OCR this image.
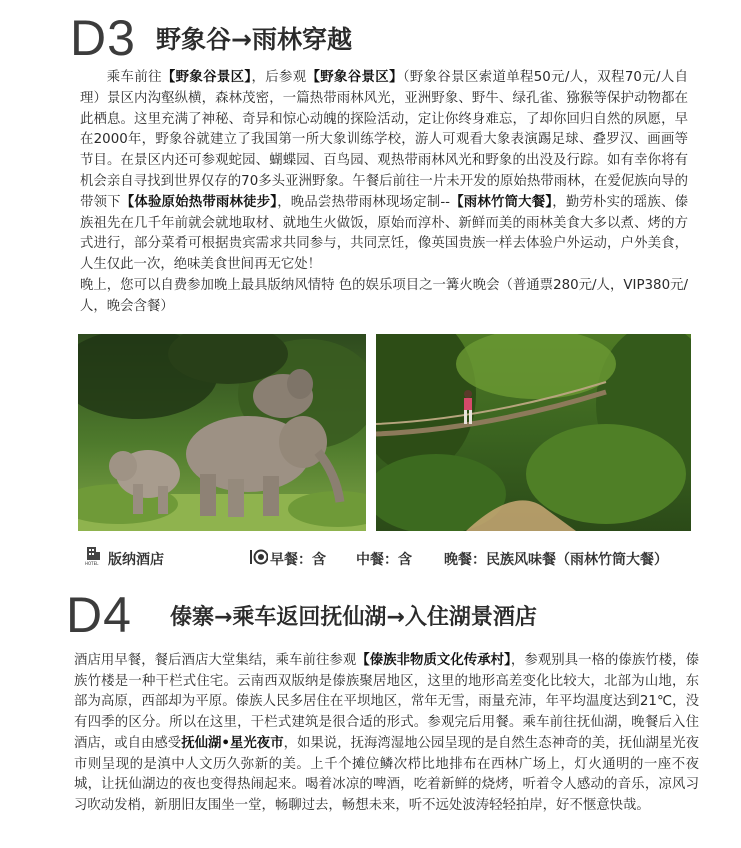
D3 野象谷→雨林穿越
乘车前往【野象谷景区】，后参观【野象谷景区】（野象谷景区索道单程50元/人，双程70元/人自理）景区内沟壑纵横，森林茂密，一篇热带雨林风光，亚洲野象、野牛、绿孔雀、猕猴等保护动物都在此栖息。这里充满了神秘、奇异和惊心动魄的探险活动，定让你终身难忘，了却你回归自然的夙愿，早在2000年，野象谷就建立了我国第一所大象训练学校，游人可观看大象表演踢足球、叠罗汉、画画等节目。在景区内还可参观蛇园、蝴蝶园、百鸟园、观热带雨林风光和野象的出没及行踪。如有幸你将有机会亲自寻找到世界仅存的70多头亚洲野象。午餐后前往一片未开发的原始热带雨林，在爱伲族向导的带领下【体验原始热带雨林徒步】，晚品尝热带雨林现场定制--【雨林竹筒大餐】，勤劳朴实的瑶族、傣族祖先在几千年前就会就地取材、就地生火做饭，原始而淳朴、新鲜而美的雨林美食大多以煮、烤的方式进行，部分菜肴可根据贵宾需求共同参与，共同烹饪，像英国贵族一样去体验户外运动，户外美食，人生仅此一次，绝味美食世间再无它处！
晚上，您可以自费参加晚上最具版纳风情特 色的娱乐项目之一篝火晚会（普通票280元/人，VIP380元/人，晚会含餐）
HOTEL 版纳酒店	早餐：含 中餐：含 晚餐：民族风味餐（雨林竹筒大餐）
D4 傣寨→乘车返回抚仙湖→入住湖景酒店
酒店用早餐，餐后酒店大堂集结，乘车前往参观【傣族非物质文化传承村】，参观别具一格的傣族竹楼，傣族竹楼是一种干栏式住宅。云南西双版纳是傣族聚居地区，这里的地形高差变化比较大，北部为山地，东部为高原，西部却为平原。傣族人民多居住在平坝地区，常年无雪，雨量充沛，年平均温度达到21℃，没有四季的区分。所以在这里，干栏式建筑是很合适的形式。参观完后用餐。乘车前往抚仙湖，晚餐后入住酒店，或自由感受抚仙湖•星光夜市，如果说，抚海湾湿地公园呈现的是自然生态神奇的美，抚仙湖星光夜市则呈现的是滇中人文历久弥新的美。上千个摊位鳞次栉比地排布在西林广场上，灯火通明的一座不夜城，让抚仙湖边的夜也变得热闹起来。喝着冰凉的啤酒，吃着新鲜的烧烤，听着令人感动的音乐，凉风习习吹动发梢，新朋旧友围坐一堂，畅聊过去，畅想未来，听不远处波涛轻轻拍岸，好不惬意快哉。
